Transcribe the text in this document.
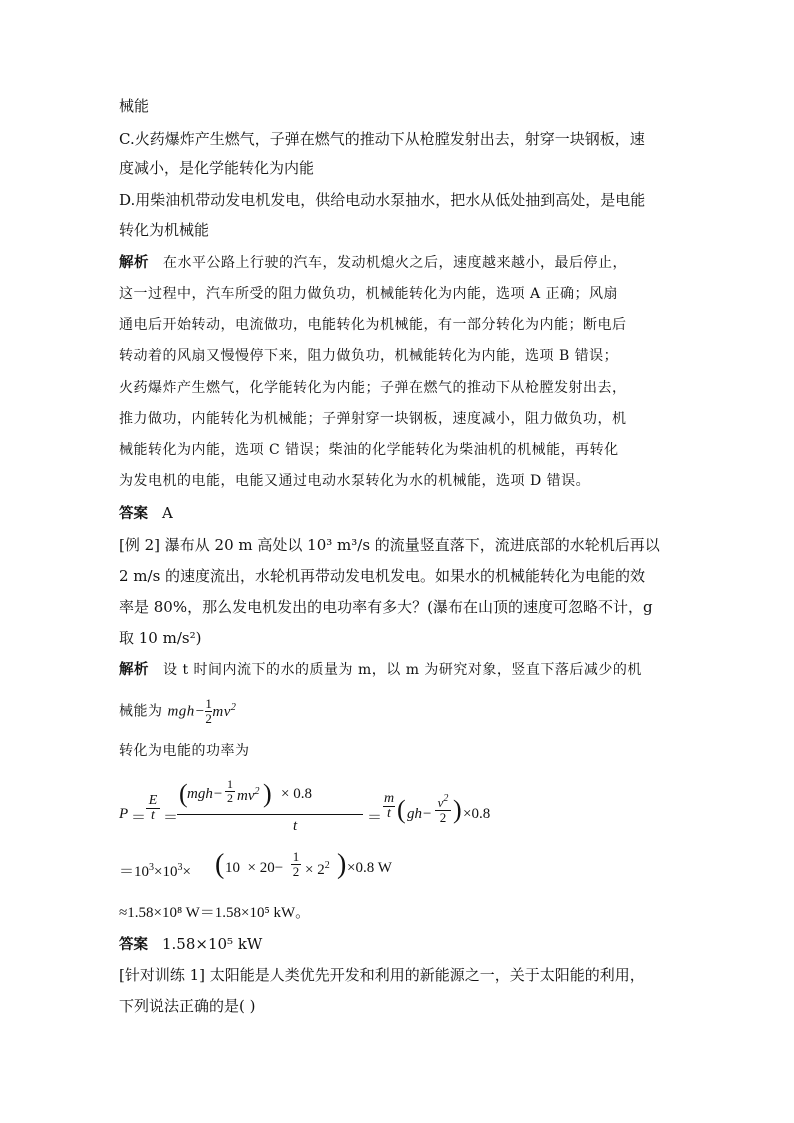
械能
C.火药爆炸产生燃气，子弹在燃气的推动下从枪膛发射出去，射穿一块钢板，速
度减小，是化学能转化为内能
D.用柴油机带动发电机发电，供给电动水泵抽水，把水从低处抽到高处，是电能
转化为机械能
解析 在水平公路上行驶的汽车，发动机熄火之后，速度越来越小，最后停止，
这一过程中，汽车所受的阻力做负功，机械能转化为内能，选项 A 正确；风扇
通电后开始转动，电流做功，电能转化为机械能，有一部分转化为内能；断电后
转动着的风扇又慢慢停下来，阻力做负功，机械能转化为内能，选项 B 错误；
火药爆炸产生燃气，化学能转化为内能；子弹在燃气的推动下从枪膛发射出去，
推力做功，内能转化为机械能；子弹射穿一块钢板，速度减小，阻力做负功，机
械能转化为内能，选项 C 错误；柴油的化学能转化为柴油机的机械能，再转化
为发电机的电能，电能又通过电动水泵转化为水的机械能，选项 D 错误。
答案 A
[例 2] 瀑布从 20 m 高处以 10³ m³/s 的流量竖直落下，流进底部的水轮机后再以
2 m/s 的速度流出，水轮机再带动发电机发电。如果水的机械能转化为电能的效
率是 80%，那么发电机发出的电功率有多大？(瀑布在山顶的速度可忽略不计，g
取 10 m/s²)
解析 设 t 时间内流下的水的质量为 m，以 m 为研究对象，竖直下落后减少的机
械能为 $mgh- \frac{1}{2} mv^2$
转化为电能的功率为
$P = \frac{E}{t}$ ＝
( mgh−
1
2 $mv^2$ ) × 0.8
t	＝ $\frac{m}{t}$ ( $gh- \frac{v^2}{2}$ ) ×0.8
$=10^3\times 10^3\times$ ( $10 \times 20- \frac{1}{2} \times 2^2$ ) ×0.8 W
≈1.58×10⁸ W＝1.58×10⁵ kW。
答案 1.58×10⁵ kW
[针对训练 1] 太阳能是人类优先开发和利用的新能源之一，关于太阳能的利用，
下列说法正确的是( )
